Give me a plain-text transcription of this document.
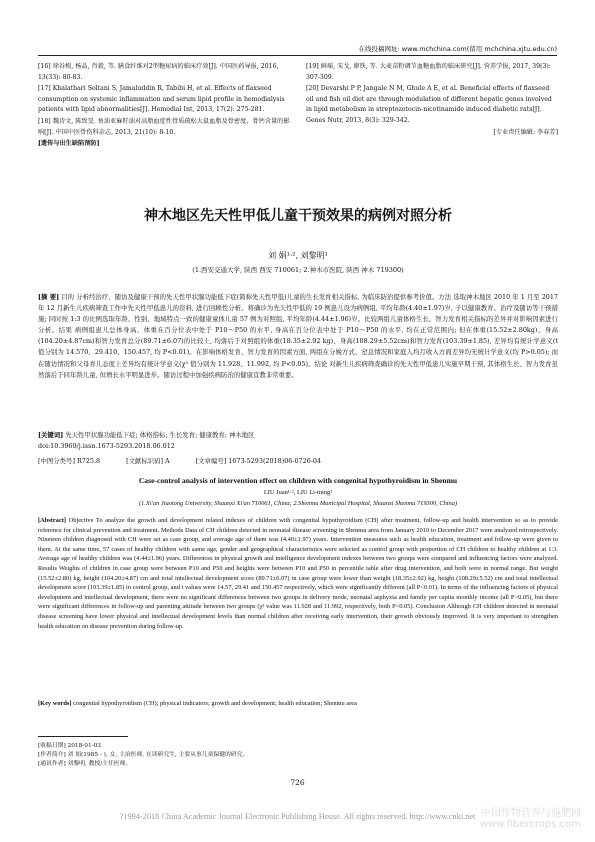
在线投稿网址: www.mchchina.com(留用 mchchina.xjtu.edu.cn)
[16] 徐谷根, 杨晶, 肖毅, 等. 膳食纤维对2型糖尿病的临床疗效[J]. 中国医药导报, 2016, 13(33): 80-83.
[17] Khalatbari Soltani S, Jamaluddin R, Tabibi H, et al. Effects of flaxseed consumption on systemic inflammation and serum lipid profile in hemodialysis patients with lipid abnormalities[J]. Hemodial Int, 2013, 17(2): 275-281.
[18] 魏诗文, 陈致旻. 鱼油亚麻籽油对高脂血症性骨质疏松大鼠血脂及骨密度、骨钙含量的影响[J]. 中国中医骨伤科杂志, 2013, 21(10): 8-10.
[遗传与出生缺陷预防]
[19] 鲜瑶, 宋戈, 廖铁, 等. 大麦苗粉调节血糖血脂的临床研究[J]. 营养学报, 2017, 39(3): 307-309.
[20] Devarshi P P, Jangale N M, Ghule A E, et al. Beneficial effects of flaxseed oil and fish oil diet are through modulation of different hepatic genes involved in lipid metabolism in streptozotocin-nicotinamide induced diabetic rats[J]. Genes Nutr, 2013, 8(3): 329-342.
[专业责任编辑: 李春芳]
神木地区先天性甲低儿童干预效果的病例对照分析
刘 娟¹·², 刘黎明¹
(1.西安交通大学, 陕西 西安 710061; 2.神木市医院, 陕西 神木 719300)
[摘 要] 目的 分析经治疗、随访及健康干预的先天性甲状腺功能低下症(简称先天性甲低)儿童的生长发育相关指标, 为临床防治提供参考价值。方法 选取神木地区 2010 年 1 月至 2017 年 12 月新生儿疾病筛查工作中先天性甲低患儿的资料, 进行回顾性分析。将确诊为先天性甲低的 19 例患儿设为病例组, 平均年龄(4.40±1.97)岁, 子以健康教育、治疗及随访等干预措施; 同时按 1:3 的比例选取年龄、性别、地域特点一致的健康童体儿童 57 例为对照组, 平均年龄(4.44±1.96)岁。比较两组儿童体格生长、智力发育相关指标的差异并对影响因素进行分析。结果 病例组患儿总体身高、体重在百分位表中处于 P10～P50 的水平, 身高在百分位表中处于 P10～P50 的水平, 均在正常范围内; 但在体重(15.52±2.80kg)、身高(104.20±4.87cm)和智力发育总分(89.71±6.07)的比较上, 均落后于对照组的体重(18.35±2.92 kg)、身高(108.29±5.52cm)和智力发育(103.39±1.85), 差异均有统计学意义(t 值分别为 14.570、29.410、150.457, 均 P<0.01)。在影响体格发育、智力发育的因素方面, 两组在分娩方式、窒息情况和家庭人均月收入方面差异均无统计学意义(均 P>0.05); 而在随访情况和父母育儿态度上差异均有统计学意义(χ² 值分别为 11.928、11.992, 均 P<0.05)。结论 对新生儿疾病筛查确诊的先天性甲低患儿实施早期干预, 其体格生长、智力发育虽然落后于同年龄儿童, 但增长水平明显进步。随访过程中加强疾病防治的健康宣教非常重要。
[关键词] 先天性甲状腺功能低下症; 体格指标; 生长发育; 健康教育; 神木地区
doi:10.3969/j.issn.1673-5293.2018.06.012
[中图分类号] R725.8	[文献标识码] A	[文章编号] 1673-5293(2018)06-0726-04
Case-control analysis of intervention effect on children with congenital hypothyroidism in Shenmu
LIU Juan¹·², LIU Li-ming¹
(1.Xi'an Jiaotong University, Shaanxi Xi'an 710061, China; 2.Shenmu Municipal Hospital, Shaanxi Shenmu 719300, China)
[Abstract] Objective To analyze the growth and development related indexes of children with congenital hypothyroidism (CH) after treatment, follow-up and health intervention so as to provide reference for clinical prevention and treatment. Methods Data of CH children detected in neonatal disease screening in Shenmu area from January 2010 to December 2017 were analyzed retrospectively. Nineteen children diagnosed with CH were set as case group, and average age of them was (4.40±1.97) years. Intervention measures such as health education, treatment and follow-up were given to them. At the same time, 57 cases of healthy children with same age, gender and geographical characteristics were selected as control group with proportion of CH children to healthy children at 1:3. Average age of healthy children was (4.44±1.96) years. Differences in physical growth and intelligence development indexes between two groups were compared and influencing factors were analyzed. Results Weights of children in case group were between P10 and P50 and heights were between P10 and P50 in percentile table after drug intervention, and both were in normal range. But weight (15.52±2.80) kg, height (104.20±4.87) cm and total intellectual development score (89.71±6.07) in case group were lower than weight (18.35±2.92) kg, height (108.29±5.52) cm and total intellectual development score (103.39±1.85) in control group, and t values were 14.57, 29.41 and 150.457 respectively, which were significantly different (all P<0.01). In terms of the influencing factors of physical development and intellectual development, there were no significant differences between two groups in delivery mode, neonatal asphyxia and family per capita monthly income (all P>0.05), but there were significant differences in follow-up and parenting attitude between two groups (χ² value was 11.928 and 11.992, respectively, both P<0.05). Conclusion Although CH children detected in neonatal disease screening have lower physical and intellectual development levels than normal children after receiving early intervention, their growth obviously improved. It is very important to strengthen health education on disease prevention during follow-up.
[Key words] congenital hypothyroidism (CH); physical indicators; growth and development; health education; Shenmu area
[收稿日期] 2018-01-03
[作者简介] 刘 娟(1985 - ), 女, 主治医师, 在读研究生, 主要从事儿童保健的研究。
[通讯作者] 刘黎明, 教授/主任医师。
726
?1994-2018 China Academic Journal Electronic Publishing House. All rights reserved. http://www.cnki.net 中国作物营养与施肥网 www.fibercrops.com
